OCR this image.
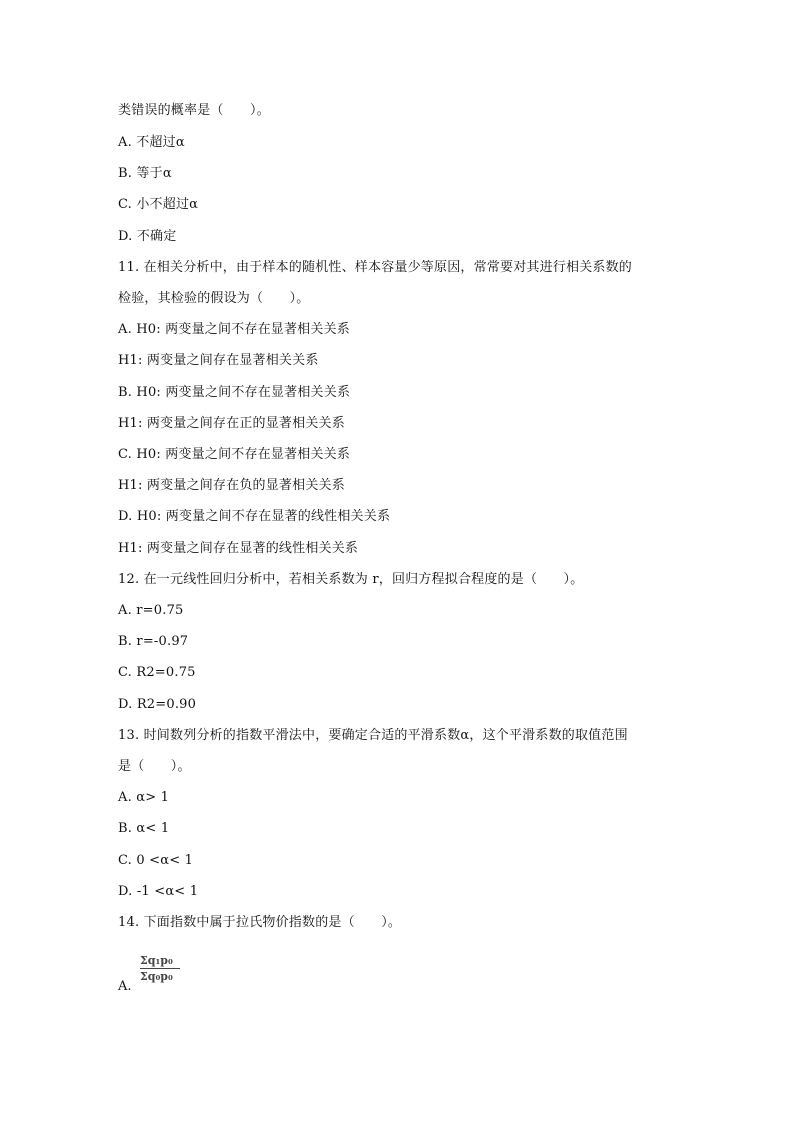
类错误的概率是（　　）。
A. 不超过α
B. 等于α
C. 小不超过α
D. 不确定
11. 在相关分析中，由于样本的随机性、样本容量少等原因，常常要对其进行相关系数的
检验，其检验的假设为（　　）。
A. H0: 两变量之间不存在显著相关关系
H1: 两变量之间存在显著相关关系
B. H0: 两变量之间不存在显著相关关系
H1: 两变量之间存在正的显著相关关系
C. H0: 两变量之间不存在显著相关关系
H1: 两变量之间存在负的显著相关关系
D. H0: 两变量之间不存在显著的线性相关关系
H1: 两变量之间存在显著的线性相关关系
12. 在一元线性回归分析中，若相关系数为 r，回归方程拟合程度的是（　　）。
A. r=0.75
B. r=-0.97
C. R2=0.75
D. R2=0.90
13. 时间数列分析的指数平滑法中，要确定合适的平滑系数α，这个平滑系数的取值范围
是（　　）。
A. α> 1
B. α< 1
C. 0 <α< 1
D. -1 <α< 1
14. 下面指数中属于拉氏物价指数的是（　　）。
A.
Σq₁p₀
Σq₀p₀
